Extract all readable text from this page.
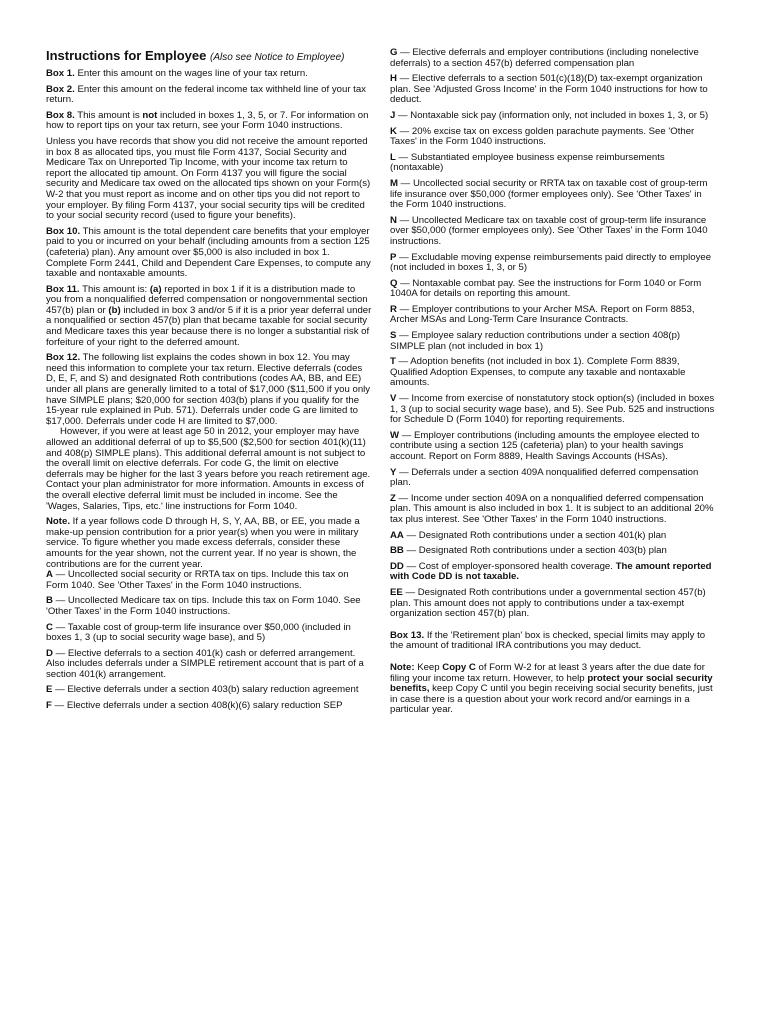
Instructions for Employee (Also see Notice to Employee)
Box 1. Enter this amount on the wages line of your tax return.
Box 2. Enter this amount on the federal income tax withheld line of your tax return.
Box 8. This amount is not included in boxes 1, 3, 5, or 7. For information on how to report tips on your tax return, see your Form 1040 instructions.
Unless you have records that show you did not receive the amount reported in box 8 as allocated tips, you must file Form 4137, Social Security and Medicare Tax on Unreported Tip Income, with your income tax return to report the allocated tip amount. On Form 4137 you will figure the social security and Medicare tax owed on the allocated tips shown on your Form(s) W-2 that you must report as income and on other tips you did not report to your employer. By filing Form 4137, your social security tips will be credited to your social security record (used to figure your benefits).
Box 10. This amount is the total dependent care benefits that your employer paid to you or incurred on your behalf (including amounts from a section 125 (cafeteria) plan). Any amount over $5,000 is also included in box 1. Complete Form 2441, Child and Dependent Care Expenses, to compute any taxable and nontaxable amounts.
Box 11. This amount is: (a) reported in box 1 if it is a distribution made to you from a nonqualified deferred compensation or nongovernmental section 457(b) plan or (b) included in box 3 and/or 5 if it is a prior year deferral under a nonqualified or section 457(b) plan that became taxable for social security and Medicare taxes this year because there is no longer a substantial risk of forfeiture of your right to the deferred amount.
Box 12. The following list explains the codes shown in box 12. You may need this information to complete your tax return. Elective deferrals (codes D, E, F, and S) and designated Roth contributions (codes AA, BB, and EE) under all plans are generally limited to a total of $17,000 ($11,500 if you only have SIMPLE plans; $20,000 for section 403(b) plans if you qualify for the 15-year rule explained in Pub. 571). Deferrals under code G are limited to $17,000. Deferrals under code H are limited to $7,000.
However, if you were at least age 50 in 2012, your employer may have allowed an additional deferral of up to $5,500 ($2,500 for section 401(k)(11) and 408(p) SIMPLE plans). This additional deferral amount is not subject to the overall limit on elective deferrals. For code G, the limit on elective deferrals may be higher for the last 3 years before you reach retirement age. Contact your plan administrator for more information. Amounts in excess of the overall elective deferral limit must be included in income. See the 'Wages, Salaries, Tips, etc.' line instructions for Form 1040.
Note. If a year follows code D through H, S, Y, AA, BB, or EE, you made a make-up pension contribution for a prior year(s) when you were in military service. To figure whether you made excess deferrals, consider these amounts for the year shown, not the current year. If no year is shown, the contributions are for the current year.
A — Uncollected social security or RRTA tax on tips. Include this tax on Form 1040. See 'Other Taxes' in the Form 1040 instructions.
B — Uncollected Medicare tax on tips. Include this tax on Form 1040. See 'Other Taxes' in the Form 1040 instructions.
C — Taxable cost of group-term life insurance over $50,000 (included in boxes 1, 3 (up to social security wage base), and 5)
D — Elective deferrals to a section 401(k) cash or deferred arrangement. Also includes deferrals under a SIMPLE retirement account that is part of a section 401(k) arrangement.
E — Elective deferrals under a section 403(b) salary reduction agreement
F — Elective deferrals under a section 408(k)(6) salary reduction SEP
G — Elective deferrals and employer contributions (including nonelective deferrals) to a section 457(b) deferred compensation plan
H — Elective deferrals to a section 501(c)(18)(D) tax-exempt organization plan. See 'Adjusted Gross Income' in the Form 1040 instructions for how to deduct.
J — Nontaxable sick pay (information only, not included in boxes 1, 3, or 5)
K — 20% excise tax on excess golden parachute payments. See 'Other Taxes' in the Form 1040 instructions.
L — Substantiated employee business expense reimbursements (nontaxable)
M — Uncollected social security or RRTA tax on taxable cost of group-term life insurance over $50,000 (former employees only). See 'Other Taxes' in the Form 1040 instructions.
N — Uncollected Medicare tax on taxable cost of group-term life insurance over $50,000 (former employees only). See 'Other Taxes' in the Form 1040 instructions.
P — Excludable moving expense reimbursements paid directly to employee (not included in boxes 1, 3, or 5)
Q — Nontaxable combat pay. See the instructions for Form 1040 or Form 1040A for details on reporting this amount.
R — Employer contributions to your Archer MSA. Report on Form 8853, Archer MSAs and Long-Term Care Insurance Contracts.
S — Employee salary reduction contributions under a section 408(p) SIMPLE plan (not included in box 1)
T — Adoption benefits (not included in box 1). Complete Form 8839, Qualified Adoption Expenses, to compute any taxable and nontaxable amounts.
V — Income from exercise of nonstatutory stock option(s) (included in boxes 1, 3 (up to social security wage base), and 5). See Pub. 525 and instructions for Schedule D (Form 1040) for reporting requirements.
W — Employer contributions (including amounts the employee elected to contribute using a section 125 (cafeteria) plan) to your health savings account. Report on Form 8889, Health Savings Accounts (HSAs).
Y — Deferrals under a section 409A nonqualified deferred compensation plan.
Z — Income under section 409A on a nonqualified deferred compensation plan. This amount is also included in box 1. It is subject to an additional 20% tax plus interest. See 'Other Taxes' in the Form 1040 instructions.
AA — Designated Roth contributions under a section 401(k) plan
BB — Designated Roth contributions under a section 403(b) plan
DD — Cost of employer-sponsored health coverage. The amount reported with Code DD is not taxable.
EE — Designated Roth contributions under a governmental section 457(b) plan. This amount does not apply to contributions under a tax-exempt organization section 457(b) plan.
Box 13. If the 'Retirement plan' box is checked, special limits may apply to the amount of traditional IRA contributions you may deduct.
Note: Keep Copy C of Form W-2 for at least 3 years after the due date for filing your income tax return. However, to help protect your social security benefits, keep Copy C until you begin receiving social security benefits, just in case there is a question about your work record and/or earnings in a particular year.
